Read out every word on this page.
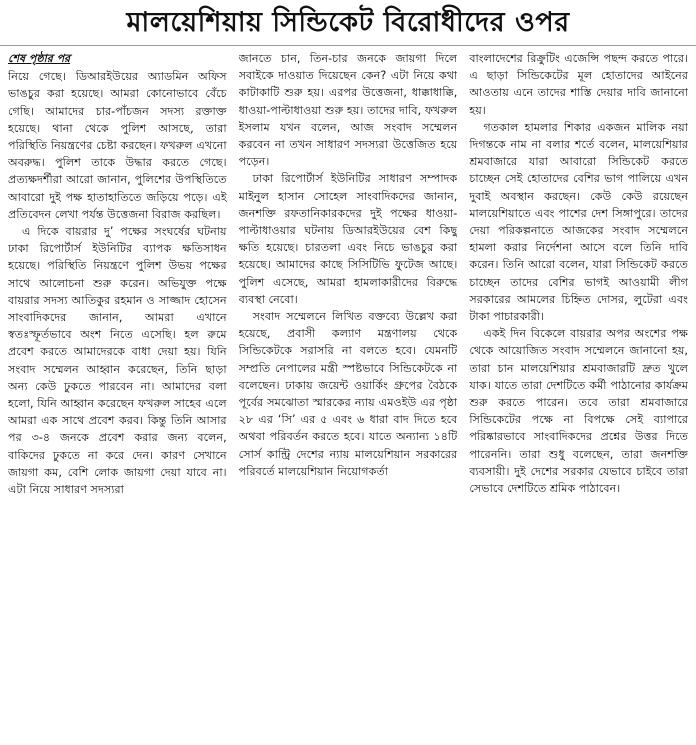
মালয়েশিয়ায় সিন্ডিকেট বিরোধীদের ওপর
শেষ পৃষ্ঠার পর

নিয়ে গেছে। ডিআরইউয়ের অ্যাডমিন অফিস ভাঙচুর করা হয়েছে। আমরা কোনোভাবে বেঁচে গেছি। আমাদের চার-পাঁচজন সদস্য রক্তাক্ত হয়েছে। থানা থেকে পুলিশ আসছে, তারা পরিস্থিতি নিয়ন্ত্রণের চেষ্টা করছেন। ফখরুল এখনো অবরুদ্ধ। পুলিশ তাকে উদ্ধার করতে গেছে। প্রত্যক্ষদর্শীরা আরো জানান, পুলিশের উপস্থিতিতে আবারো দুই পক্ষ হাতাহাতিতে জড়িয়ে পড়ে। এই প্রতিবেদন লেখা পর্যন্ত উত্তেজনা বিরাজ করছিল।

এ দিকে বায়রার দু’ পক্ষের সংঘর্ষের ঘটনায় ঢাকা রিপোর্টার্স ইউনিটির ব্যাপক ক্ষতিসাধন হয়েছে। পরিস্থিতি নিয়ন্ত্রণে পুলিশ উভয় পক্ষের সাথে আলোচনা শুরু করেন। অভিযুক্ত পক্ষে বায়রার সদস্য আতিকুর রহমান ও সাজ্জাদ হোসেন সাংবাদিকদের জানান, আমরা এখানে স্বতঃস্ফূর্তভাবে অংশ নিতে এসেছি। হল রুমে প্রবেশ করতে আমাদেরকে বাধা দেয়া হয়। যিনি সংবাদ সম্মেলন আহ্বান করেছেন, তিনি ছাড়া অন্য কেউ ঢুকতে পারবেন না। আমাদের বলা হলো, যিনি আহ্বান করেছেন ফখরুল সাহেব এলে আমরা এক সাথে প্রবেশ করব। কিন্তু তিনি আসার পর ৩-৪ জনকে প্রবেশ করার জন্য বলেন, বাকিদের ঢুকতে না করে দেন। কারণ সেখানে জায়গা কম, বেশি লোক জায়গা দেয়া যাবে না। এটা নিয়ে সাধারণ সদস্যরা

জানতে চান, তিন-চার জনকে জায়গা দিলে সবাইকে দাওয়াত দিয়েছেন কেন? এটা নিয়ে কথা কাটাকাটি শুরু হয়। এরপর উত্তেজনা, ধাক্কাধাক্কি, ধাওয়া-পাল্টাধাওয়া শুরু হয়। তাদের দাবি, ফখরুল ইসলাম যখন বলেন, আজ সংবাদ সম্মেলন করবেন না তখন সাধারণ সদস্যরা উত্তেজিত হয়ে পড়েন।

ঢাকা রিপোর্টার্স ইউনিটির সাধারণ সম্পাদক মাইনুল হাসান সোহেল সাংবাদিকদের জানান, জনশক্তি রফতানিকারকদের দুই পক্ষের ধাওয়া-পাল্টাধাওয়ার ঘটনায় ডিআরইউয়ের বেশ কিছু ক্ষতি হয়েছে। চারতলা এবং নিচে ভাঙচুর করা হয়েছে। আমাদের কাছে সিসিটিভি ফুটেজ আছে। পুলিশ এসেছে, আমরা হামলাকারীদের বিরুদ্ধে ব্যবস্থা নেবো।

সংবাদ সম্মেলনে লিখিত বক্তব্যে উল্লেখ করা হয়েছে, প্রবাসী কল্যাণ মন্ত্রণালয় থেকে সিন্ডিকেটকে সরাসরি না বলতে হবে। যেমনটি সম্প্রতি নেপালের মন্ত্রী স্পষ্টভাবে সিন্ডিকেটকে না বলেছেন। ঢাকায় জয়েন্ট ওয়ার্কিং গ্রুপের বৈঠকে পূর্বের সমঝোতা স্মারকের ন্যায় এমওইউ এর পৃষ্ঠা ২৮ এর ‘সি’ এর ৫ এবং ৬ ধারা বাদ দিতে হবে অথবা পরিবর্তন করতে হবে। যাতে অন্যান্য ১৪টি সোর্স কান্ট্রি দেশের ন্যায় মালয়েশিয়ান সরকারের পরিবর্তে মালয়েশিয়ান নিয়োগকর্তা

বাংলাদেশের রিক্রুটিং এজেন্সি পছন্দ করতে পারে। এ ছাড়া সিন্ডিকেটের মূল হোতাদের আইনের আওতায় এনে তাদের শাস্তি দেয়ার দাবি জানানো হয়।

গতকাল হামলার শিকার একজন মালিক নয়া দিগন্তকে নাম না বলার শর্তে বলেন, মালয়েশিয়ার শ্রমবাজারে যারা আবারো সিন্ডিকেট করতে চাচ্ছেন সেই হোতাদের বেশির ভাগ পালিয়ে এখন দুবাই অবস্থান করছেন। কেউ কেউ রয়েছেন মালয়েশিয়াতে এবং পাশের দেশ সিঙ্গাপুরে। তাদের দেয়া পরিকল্পনাতে আজকের সংবাদ সম্মেলনে হামলা করার নির্দেশনা আসে বলে তিনি দাবি করেন। তিনি আরো বলেন, যারা সিন্ডিকেট করতে চাচ্ছেন তাদের বেশির ভাগই আওয়ামী লীগ সরকারের আমলের চিহ্নিত দোসর, লুটেরা এবং টাকা পাচারকারী।

একই দিন বিকেলে বায়রার অপর অংশের পক্ষ থেকে আয়োজিত সংবাদ সম্মেলনে জানানো হয়, তারা চান মালয়েশিয়ার শ্রমবাজারটি দ্রুত খুলে যাক। যাতে তারা দেশটিতে কর্মী পাঠানোর কার্যক্রম শুরু করতে পারেন। তবে তারা শ্রমবাজারে সিন্ডিকেটের পক্ষে না বিপক্ষে সেই ব্যাপারে পরিষ্কারভাবে সাংবাদিকদের প্রশ্নের উত্তর দিতে পারেননি। তারা শুধু বলেছেন, তারা জনশক্তি ব্যবসায়ী। দুই দেশের সরকার যেভাবে চাইবে তারা সেভাবে দেশটিতে শ্রমিক পাঠাবেন।
